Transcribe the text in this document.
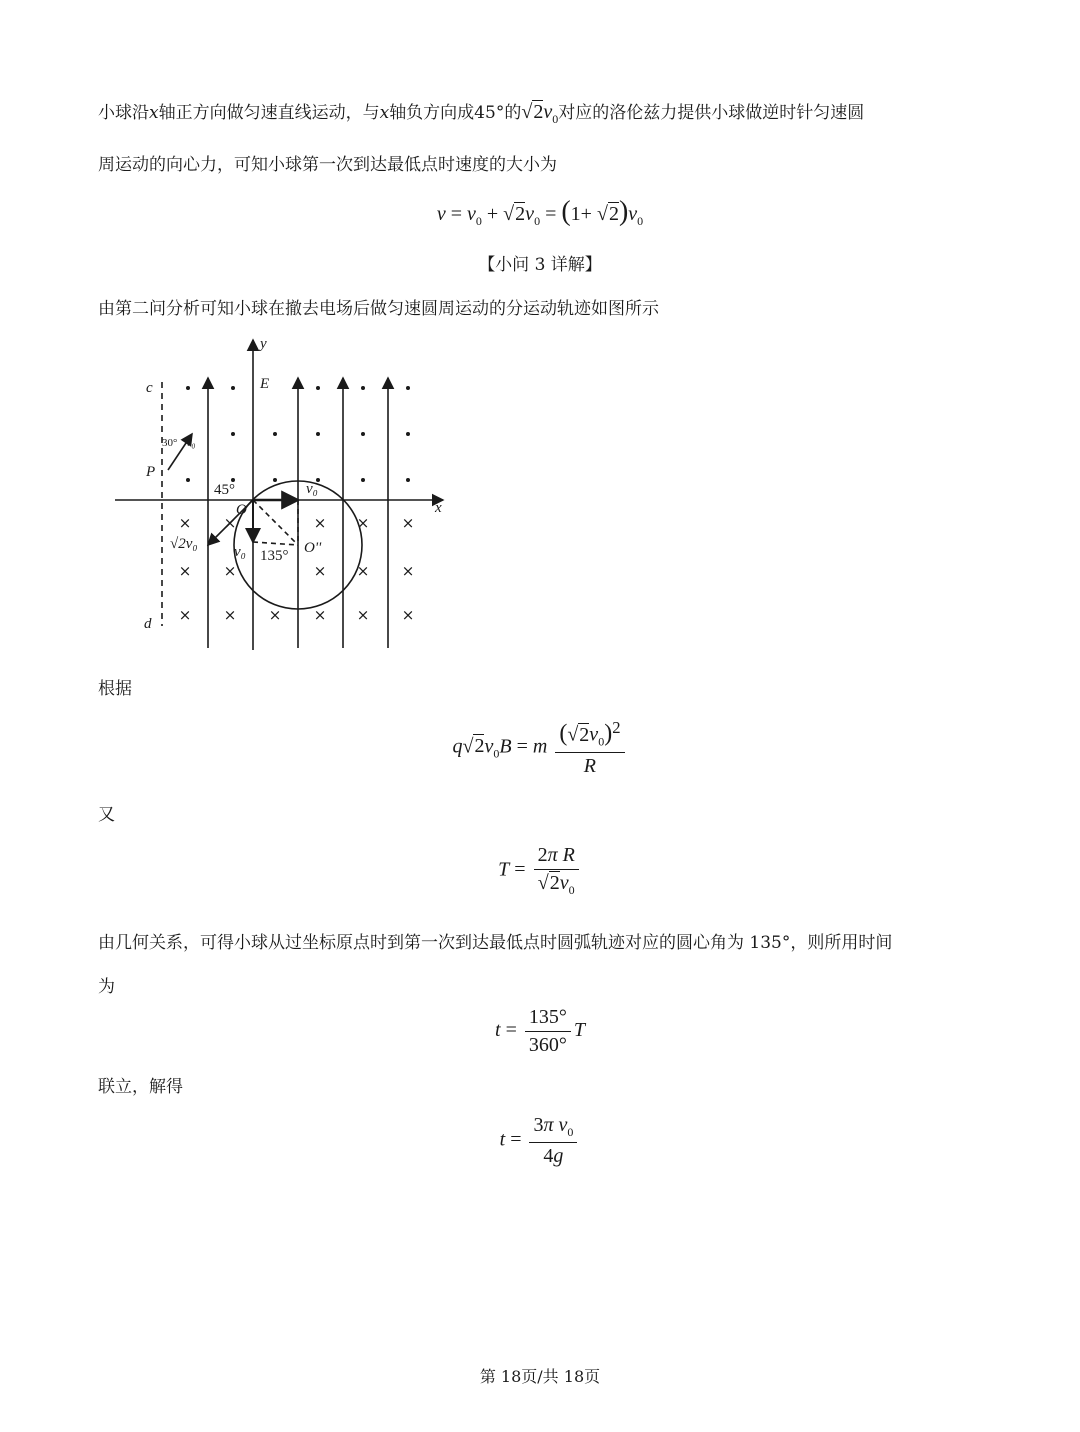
小球沿x轴正方向做匀速直线运动，与x轴负方向成45°的$√2v_0$对应的洛伦兹力提供小球做逆时针匀速圆
周运动的向心力，可知小球第一次到达最低点时速度的大小为
$v = v_0 + √2v_0 = (1+ √2)v_0$
【小问 3 详解】
由第二问分析可知小球在撤去电场后做匀速圆周运动的分运动轨迹如图所示
× ×	× × ×
× ×	× × ×
× × × × × ×
y
x
c
d
E
P
30° v₀
45°
O
v₀
√2v₀ v₀ 135° O''
根据
$q√2v_0B = m \frac{(√2v_0)^2}{R}$
又
$T = \frac{\text{2π R}}{√2v_0}$
由几何关系，可得小球从过坐标原点时到第一次到达最低点时圆弧轨迹对应的圆心角为 135°，则所用时间
为
$t = \frac{135^\circ}{360^\circ}$ T
联立，解得
$t = \frac{3\pi v_0}{4g}$
第 18页/共 18页
